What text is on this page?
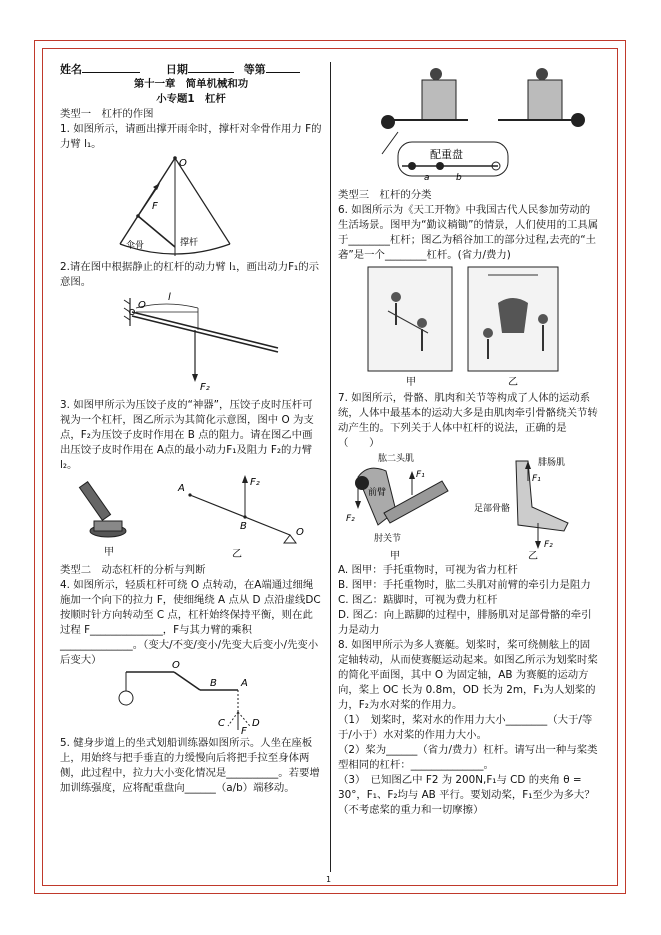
姓名	日期	等第
第十一章　简单机械和功
小专题1　杠杆

类型一　杠杆的作图

1. 如图所示，请画出撑开雨伞时，撑杆对伞骨作用力 F的力臂 l₁。

F
O
伞骨	撑杆

2.请在图中根据静止的杠杆的动力臂 l₁，画出动力F₁的示意图。

O
l
F₂

3. 如图甲所示为压饺子皮的“神器”，压饺子皮时压杆可视为一个杠杆，图乙所示为其简化示意图，图中 O 为支点，F₂为压饺子皮时作用在 B 点的阻力。请在图乙中画出压饺子皮时作用在 A点的最小动力F₁及阻力 F₂的力臂 l₂。

甲
A
B
O
F₂
乙

类型二　动态杠杆的分析与判断

4. 如图所示，轻质杠杆可绕 O 点转动，在A端通过细绳施加一个向下的拉力 F，使细绳绕 A 点从 D 点沿虚线DC按顺时针方向转动至 C 点，杠杆始终保持平衡，则在此过程 F______________，F与其力臂的乘积______________。（变大/不变/变小/先变大后变小/先变小后变大）	O
B A
C	D
F

5. 健身步道上的坐式划船训练器如图所示。人坐在座板上，用始终与把手垂直的力缓慢向后将把手拉至身体两侧，此过程中，拉力大小变化情况是__________。若要增加训练强度，应将配重盘向______（a/b）端移动。

配重盘
a	b

类型三　杠杆的分类

6. 如图所示为《天工开物》中我国古代人民参加劳动的生活场景。图甲为“勤议耥锄”的情景，人们使用的工具属于________杠杆；图乙为稻谷加工的部分过程,去壳的“土砻”是一个________杠杆。(省力/费力)

甲	乙

7. 如图所示，骨骼、肌肉和关节等构成了人体的运动系统，人体中最基本的运动大多是由肌肉牵引骨骼绕关节转动产生的。下列关于人体中杠杆的说法，正确的是（　　）

肱二头肌
前臂
F₂
F₁
肘关节
甲
腓肠肌
足部骨骼
F₁
F₂
乙

A. 图甲：手托重物时，可视为省力杠杆

B. 图甲：手托重物时，肱二头肌对前臂的牵引力是阻力

C. 图乙：踮脚时，可视为费力杠杆

D. 图乙：向上踮脚的过程中，腓肠肌对足部骨骼的牵引力是动力

8. 如图甲所示为多人赛艇。划桨时，桨可绕侧舷上的固定轴转动，从而使赛艇运动起来。如图乙所示为划桨时桨的简化平面图，其中 O 为固定轴，AB 为赛艇的运动方向，桨上 OC 长为 0.8m，OD 长为 2m，F₁为人划桨的力，F₂为水对桨的作用力。

（1）　划桨时，桨对水的作用力大小________（大于/等于/小于）水对桨的作用力大小。

（2）桨为______（省力/费力）杠杆。请写出一种与桨类型相同的杠杆：______________。

（3）　已知图乙中 F2 为 200N,F₁与 CD 的夹角 θ = 30°，F₁、F₂均与 AB 平行。要划动桨，F₁至少为多大？（不考虑桨的重力和一切摩擦）

1
